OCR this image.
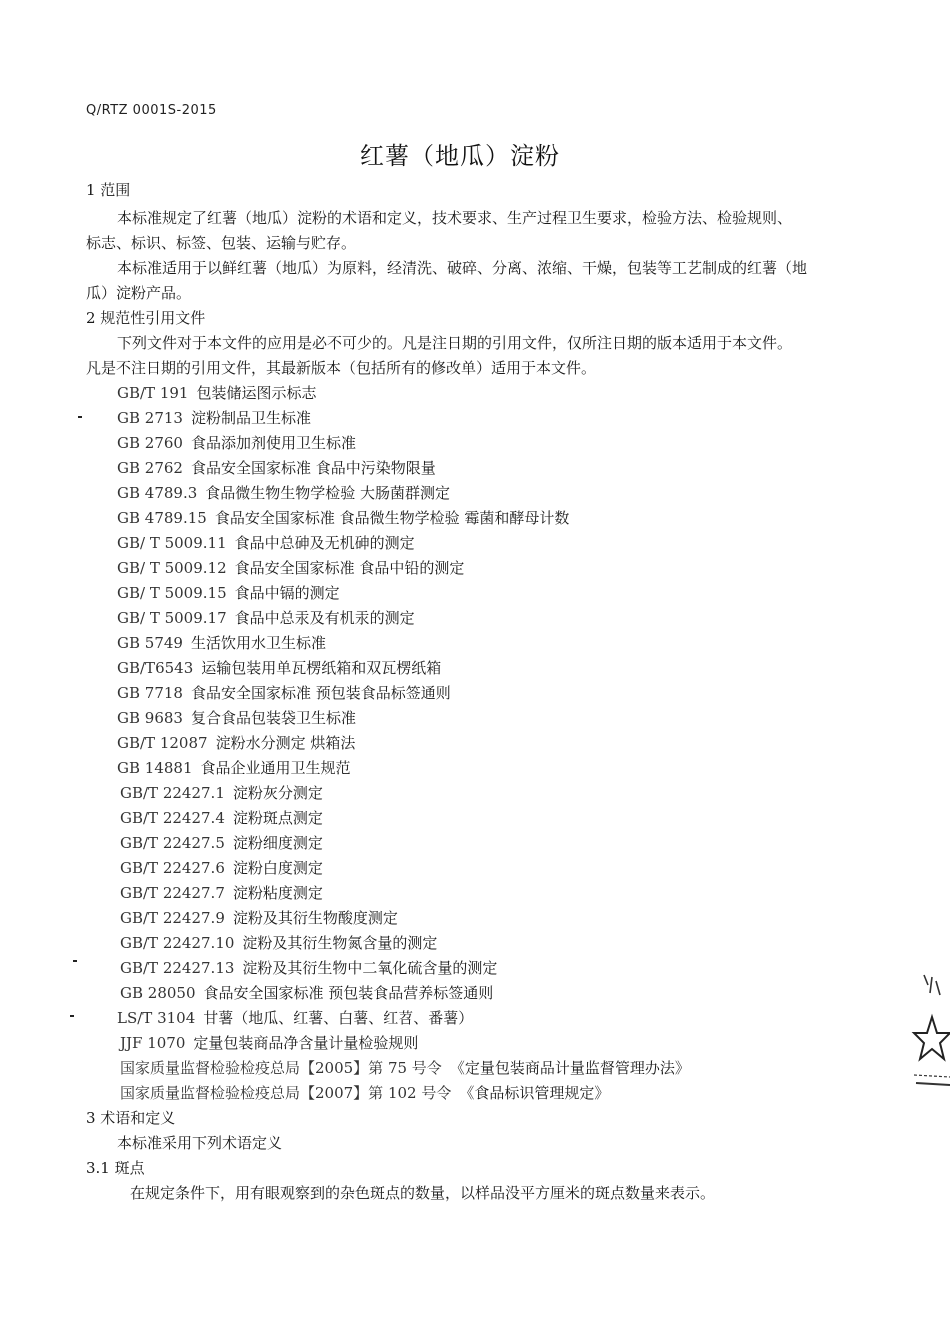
Q/RTZ 0001S-2015
红薯（地瓜）淀粉
1 范围
本标准规定了红薯（地瓜）淀粉的术语和定义，技术要求、生产过程卫生要求，检验方法、检验规则、
标志、标识、标签、包装、运输与贮存。
本标准适用于以鲜红薯（地瓜）为原料，经清洗、破碎、分离、浓缩、干燥，包装等工艺制成的红薯（地
瓜）淀粉产品。
2 规范性引用文件
下列文件对于本文件的应用是必不可少的。凡是注日期的引用文件，仅所注日期的版本适用于本文件。
凡是不注日期的引用文件，其最新版本（包括所有的修改单）适用于本文件。
GB/T 191 包装储运图示标志
GB 2713 淀粉制品卫生标准
GB 2760 食品添加剂使用卫生标准
GB 2762 食品安全国家标准 食品中污染物限量
GB 4789.3 食品微生物生物学检验 大肠菌群测定
GB 4789.15 食品安全国家标准 食品微生物学检验 霉菌和酵母计数
GB/ T 5009.11 食品中总砷及无机砷的测定
GB/ T 5009.12 食品安全国家标准 食品中铅的测定
GB/ T 5009.15 食品中镉的测定
GB/ T 5009.17 食品中总汞及有机汞的测定
GB 5749 生活饮用水卫生标准
GB/T6543 运输包装用单瓦楞纸箱和双瓦楞纸箱
GB 7718 食品安全国家标准 预包装食品标签通则
GB 9683 复合食品包装袋卫生标准
GB/T 12087 淀粉水分测定 烘箱法
GB 14881 食品企业通用卫生规范
GB/T 22427.1 淀粉灰分测定
GB/T 22427.4 淀粉斑点测定
GB/T 22427.5 淀粉细度测定
GB/T 22427.6 淀粉白度测定
GB/T 22427.7 淀粉粘度测定
GB/T 22427.9 淀粉及其衍生物酸度测定
GB/T 22427.10 淀粉及其衍生物氮含量的测定
GB/T 22427.13 淀粉及其衍生物中二氧化硫含量的测定
GB 28050 食品安全国家标准 预包装食品营养标签通则
LS/T 3104 甘薯（地瓜、红薯、白薯、红苕、番薯）
JJF 1070 定量包装商品净含量计量检验规则
国家质量监督检验检疫总局【2005】第 75 号令 《定量包装商品计量监督管理办法》
国家质量监督检验检疫总局【2007】第 102 号令 《食品标识管理规定》
3 术语和定义
本标准采用下列术语定义
3.1 斑点
在规定条件下，用有眼观察到的杂色斑点的数量，以样品没平方厘米的斑点数量来表示。
